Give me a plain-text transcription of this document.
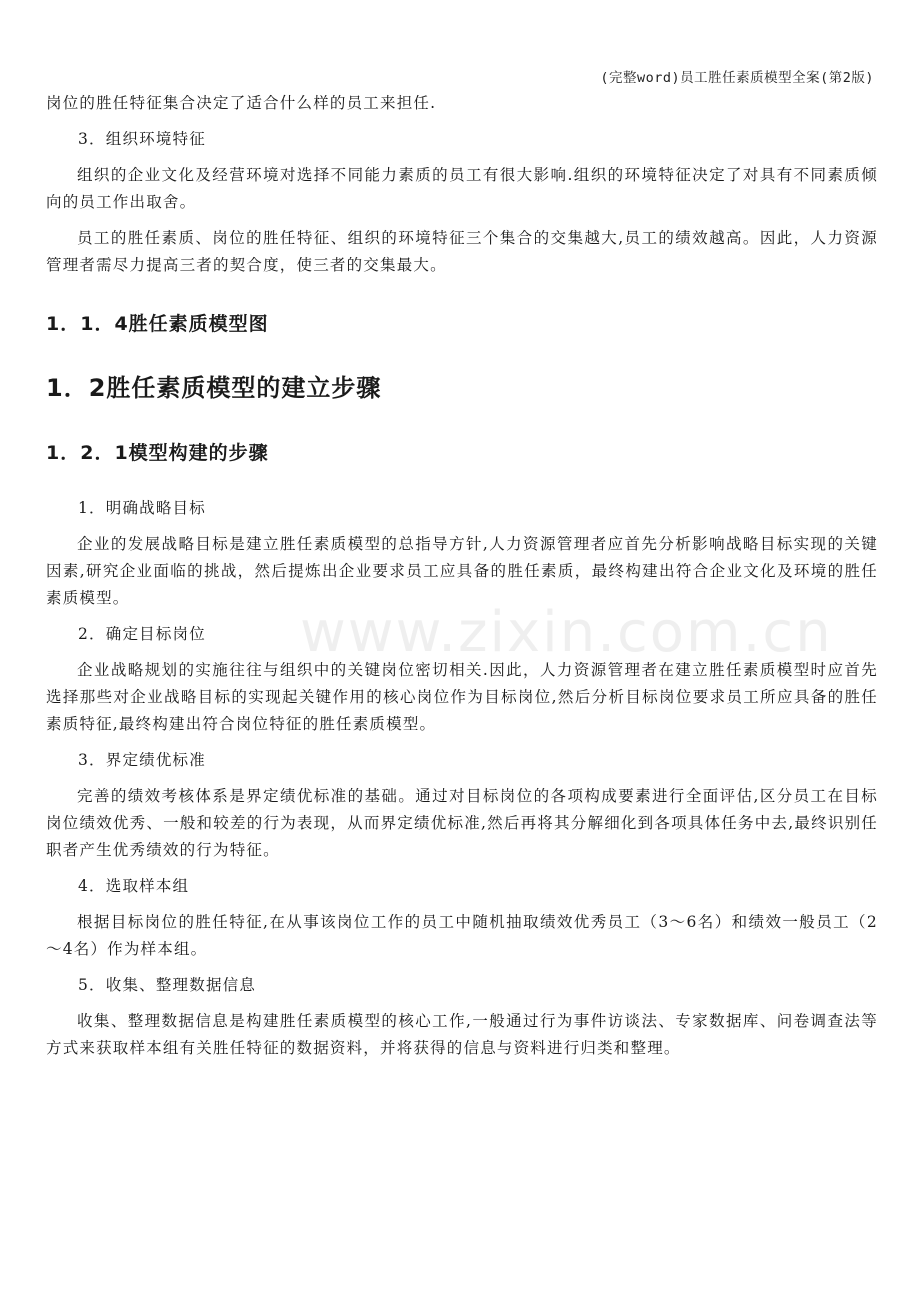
(完整word)员工胜任素质模型全案(第2版)
www.zixin.com.cn

岗位的胜任特征集合决定了适合什么样的员工来担任.

3．组织环境特征

组织的企业文化及经营环境对选择不同能力素质的员工有很大影响.组织的环境特征决定了对具有不同素质倾向的员工作出取舍。

员工的胜任素质、岗位的胜任特征、组织的环境特征三个集合的交集越大,员工的绩效越高。因此，人力资源管理者需尽力提高三者的契合度，使三者的交集最大。

1．1．4胜任素质模型图
1．2胜任素质模型的建立步骤
1．2．1模型构建的步骤

1．明确战略目标

企业的发展战略目标是建立胜任素质模型的总指导方针,人力资源管理者应首先分析影响战略目标实现的关键因素,研究企业面临的挑战，然后提炼出企业要求员工应具备的胜任素质，最终构建出符合企业文化及环境的胜任素质模型。

2．确定目标岗位

企业战略规划的实施往往与组织中的关键岗位密切相关.因此，人力资源管理者在建立胜任素质模型时应首先选择那些对企业战略目标的实现起关键作用的核心岗位作为目标岗位,然后分析目标岗位要求员工所应具备的胜任素质特征,最终构建出符合岗位特征的胜任素质模型。

3．界定绩优标准

完善的绩效考核体系是界定绩优标准的基础。通过对目标岗位的各项构成要素进行全面评估,区分员工在目标岗位绩效优秀、一般和较差的行为表现，从而界定绩优标准,然后再将其分解细化到各项具体任务中去,最终识别任职者产生优秀绩效的行为特征。

4．选取样本组

根据目标岗位的胜任特征,在从事该岗位工作的员工中随机抽取绩效优秀员工（3～6名）和绩效一般员工（2～4名）作为样本组。

5．收集、整理数据信息

收集、整理数据信息是构建胜任素质模型的核心工作,一般通过行为事件访谈法、专家数据库、问卷调查法等方式来获取样本组有关胜任特征的数据资料，并将获得的信息与资料进行归类和整理。
